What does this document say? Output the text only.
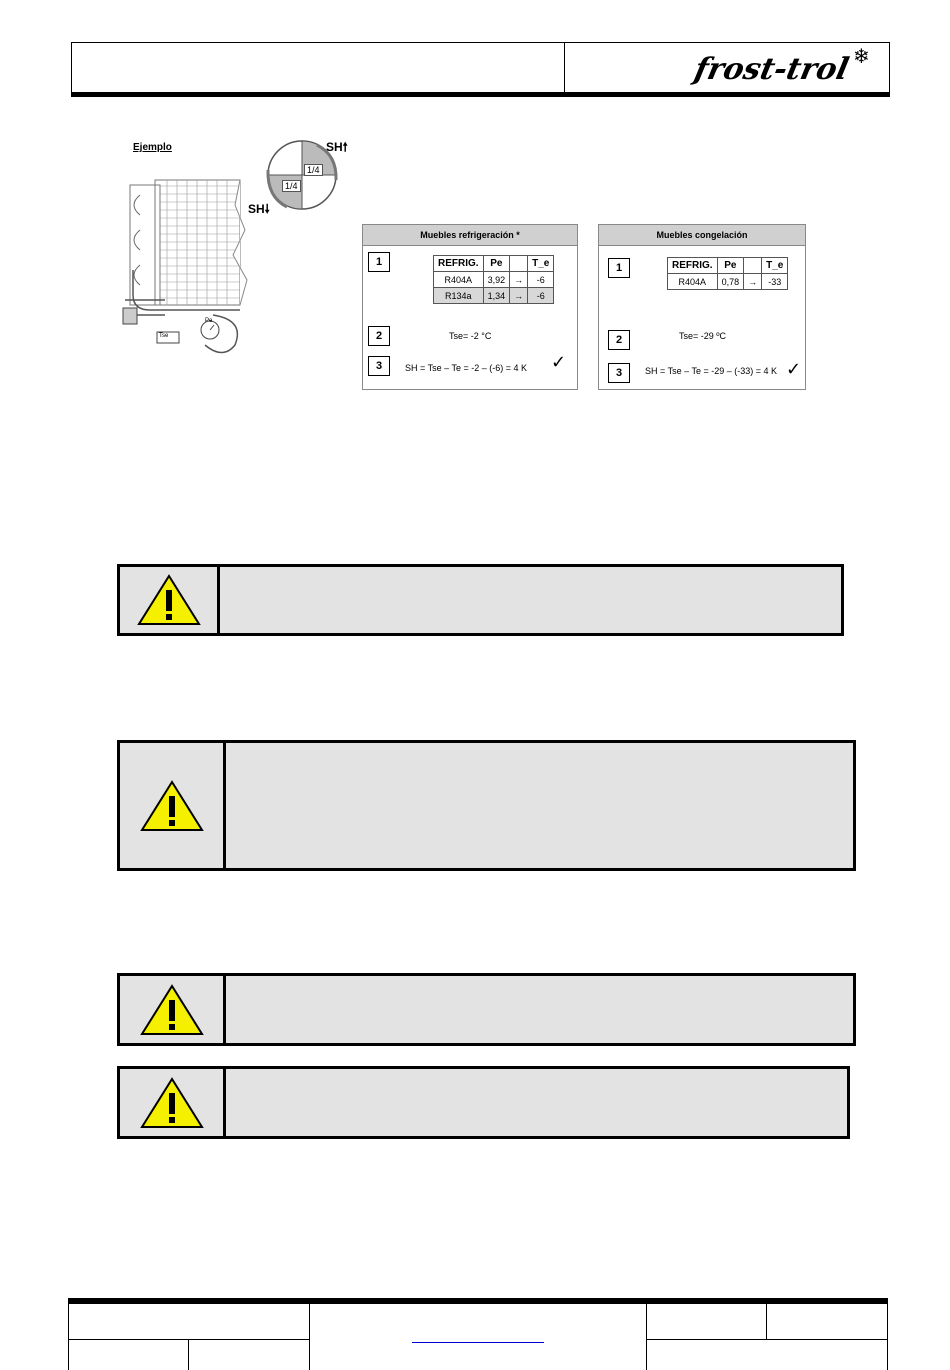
frost-trol ❄
Ejemplo
Tse
Pe
1/4
1/4
SH🠕
SH🠗
Muebles refrigeración *
1	REFRIG.	Pe		T_e
R404A	3,92	→	-6
R134a	1,34	→	-6
2	Tse= -2 °C
3	SH = Tse – Te = -2 – (-6) = 4 K ✓
Muebles congelación
1	REFRIG.	Pe		T_e
R404A	0,78	→	-33
2	Tse= -29 ºC
3	SH = Tse – Te = -29 – (-33) = 4 K ✓
